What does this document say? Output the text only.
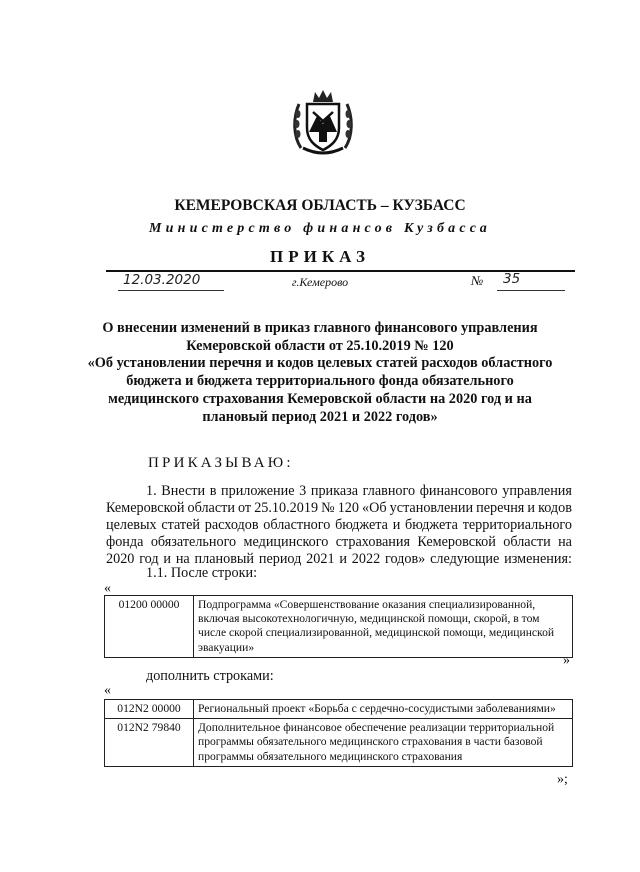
КЕМЕРОВСКАЯ ОБЛАСТЬ – КУЗБАСС
Министерство финансов Кузбасса
ПРИКАЗ
12.03.2020	г.Кемерово	№ 35
О внесении изменений в приказ главного финансового управления
Кемеровской области от 25.10.2019 № 120
«Об установлении перечня и кодов целевых статей расходов областного
бюджета и бюджета территориального фонда обязательного
медицинского страхования Кемеровской области на 2020 год и на
плановый период 2021 и 2022 годов»
ПРИКАЗЫВАЮ:
1. Внести в приложение 3 приказа главного финансового управления
Кемеровской области от 25.10.2019 № 120 «Об установлении перечня и кодов
целевых статей расходов областного бюджета и бюджета территориального
фонда обязательного медицинского страхования Кемеровской области на
2020 год и на плановый период 2021 и 2022 годов» следующие изменения:
1.1. После строки:
«
01200 00000	Подпрограмма «Совершенствование оказания специализированной, включая высокотехнологичную, медицинской помощи, скорой, в том числе скорой специализированной, медицинской помощи, медицинской эвакуации»
»
дополнить строками:
«
012N2 00000	Региональный проект «Борьба с сердечно-сосудистыми заболеваниями»
012N2 79840	Дополнительное финансовое обеспечение реализации территориальной программы обязательного медицинского страхования в части базовой программы обязательного медицинского страхования
»;
